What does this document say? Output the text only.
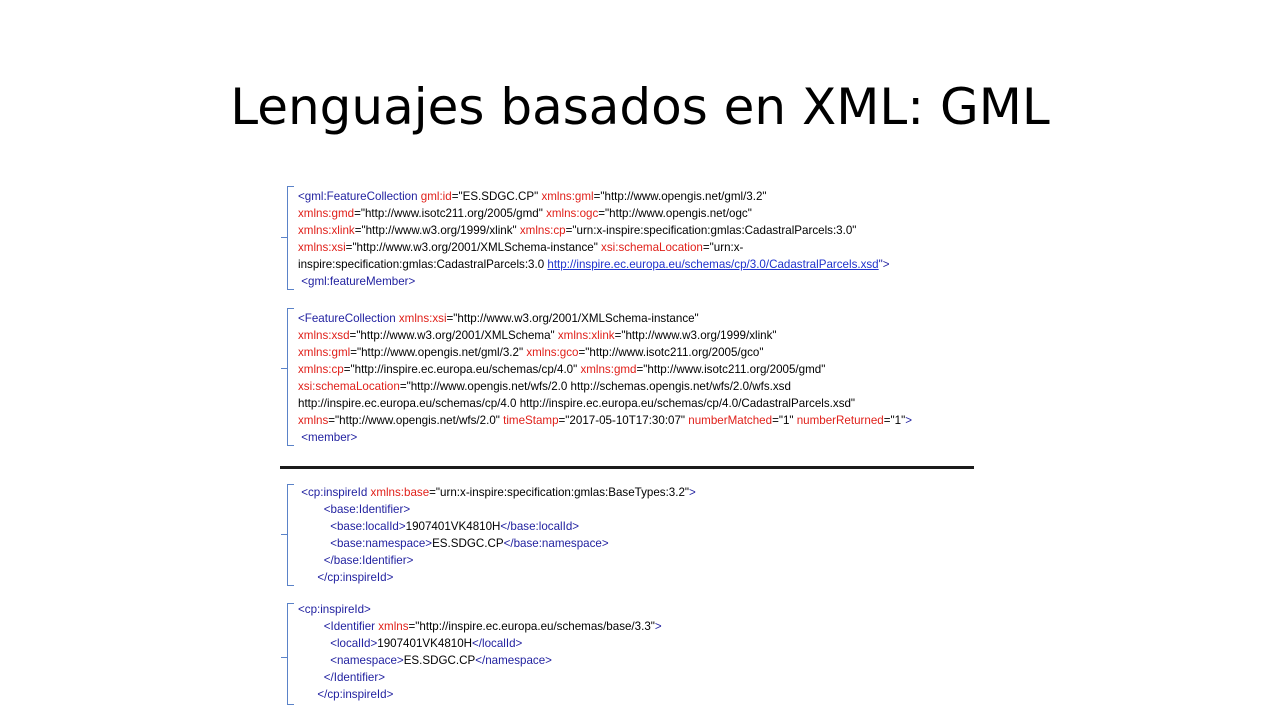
Lenguajes basados en XML: GML
<gml:FeatureCollection gml:id="ES.SDGC.CP" xmlns:gml="http://www.opengis.net/gml/3.2"
xmlns:gmd="http://www.isotc211.org/2005/gmd" xmlns:ogc="http://www.opengis.net/ogc"
xmlns:xlink="http://www.w3.org/1999/xlink" xmlns:cp="urn:x-inspire:specification:gmlas:CadastralParcels:3.0"
xmlns:xsi="http://www.w3.org/2001/XMLSchema-instance" xsi:schemaLocation="urn:x-
inspire:specification:gmlas:CadastralParcels:3.0 http://inspire.ec.europa.eu/schemas/cp/3.0/CadastralParcels.xsd">
<gml:featureMember>
<FeatureCollection xmlns:xsi="http://www.w3.org/2001/XMLSchema-instance"
xmlns:xsd="http://www.w3.org/2001/XMLSchema" xmlns:xlink="http://www.w3.org/1999/xlink"
xmlns:gml="http://www.opengis.net/gml/3.2" xmlns:gco="http://www.isotc211.org/2005/gco"
xmlns:cp="http://inspire.ec.europa.eu/schemas/cp/4.0" xmlns:gmd="http://www.isotc211.org/2005/gmd"
xsi:schemaLocation="http://www.opengis.net/wfs/2.0 http://schemas.opengis.net/wfs/2.0/wfs.xsd
http://inspire.ec.europa.eu/schemas/cp/4.0 http://inspire.ec.europa.eu/schemas/cp/4.0/CadastralParcels.xsd"
xmlns="http://www.opengis.net/wfs/2.0" timeStamp="2017-05-10T17:30:07" numberMatched="1" numberReturned="1">
<member>
<cp:inspireId xmlns:base="urn:x-inspire:specification:gmlas:BaseTypes:3.2">
<base:Identifier>
<base:localId>1907401VK4810H</base:localId>
<base:namespace>ES.SDGC.CP</base:namespace>
</base:Identifier>
</cp:inspireId>
<cp:inspireId>
<Identifier xmlns="http://inspire.ec.europa.eu/schemas/base/3.3">
<localId>1907401VK4810H</localId>
<namespace>ES.SDGC.CP</namespace>
</Identifier>
</cp:inspireId>
